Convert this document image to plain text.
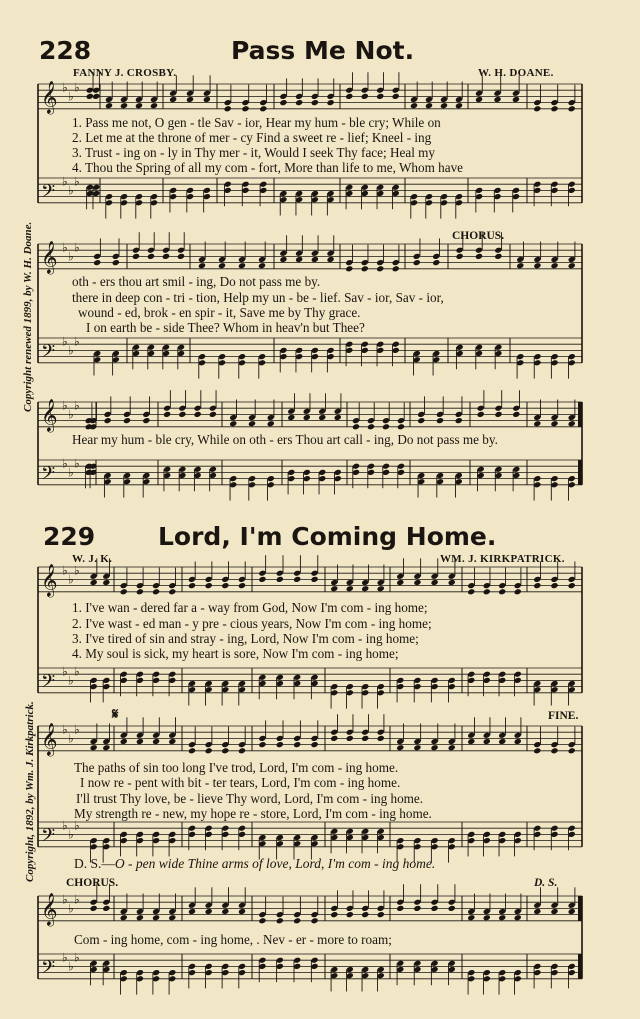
228	Pass Me Not.
FANNY J. CROSBY.	W. H. DOANE.
Copyright renewed 1899, by W. H. Doane.
1. Pass me not, O gen - tle Sav - ior, Hear my hum - ble cry; While on
2. Let me at the throne of mer - cy Find a sweet re - lief; Kneel - ing
3. Trust - ing on - ly in Thy mer - it, Would I seek Thy face; Heal my
4. Thou the Spring of all my com - fort, More than life to me, Whom have
CHORUS.
oth - ers thou art smil - ing, Do not pass me by.
there in deep con - tri - tion, Help my un - be - lief. Sav - ior, Sav - ior,
wound - ed, brok - en spir - it, Save me by Thy grace.
I on earth be - side Thee? Whom in heav'n but Thee?
Hear my hum - ble cry, While on oth - ers Thou art call - ing, Do not pass me by.
229	Lord, I'm Coming Home.
W. J. K.	WM. J. KIRKPATRICK.
Copyright, 1892, by Wm. J. Kirkpatrick.
1. I've wan - dered far a - way from God, Now I'm com - ing home;
2. I've wast - ed man - y pre - cious years, Now I'm com - ing home;
3. I've tired of sin and stray - ing, Lord, Now I'm com - ing home;
4. My soul is sick, my heart is sore, Now I'm com - ing home;
𝄋	FINE.
The paths of sin too long I've trod, Lord, I'm com - ing home.
I now re - pent with bit - ter tears, Lord, I'm com - ing home.
I'll trust Thy love, be - lieve Thy word, Lord, I'm com - ing home.
My strength re - new, my hope re - store, Lord, I'm com - ing home.
D. S.—O - pen wide Thine arms of love, Lord, I'm com - ing home.
CHORUS.	D. S.
Com - ing home, com - ing home, . Nev - er - more to roam;
𝄞 ♭
♭
♭
𝄢 ♭
♭
♭
𝄞 ♭
♭
♭
𝄢 ♭
♭
♭
𝄞 ♭
♭
♭
𝄢 ♭
♭
♭
𝄞 ♭
♭
♭
𝄢 ♭
♭
♭
𝄞 ♭
♭
♭
𝄢 ♭
♭
♭
𝄞 ♭
♭
♭
𝄢 ♭
♭
♭
